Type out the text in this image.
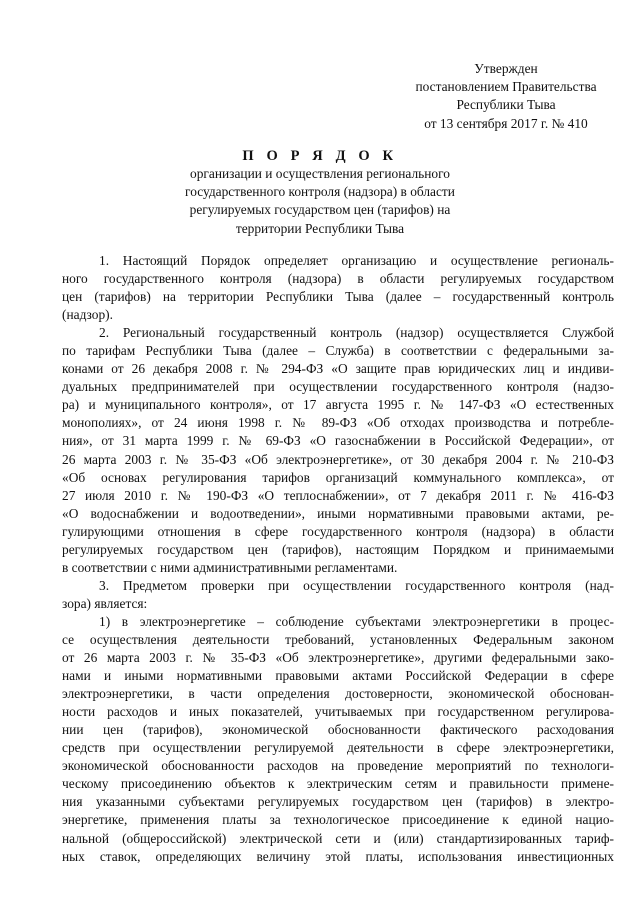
Утвержден
постановлением Правительства
Республики Тыва
от 13 сентября 2017 г. № 410
П О Р Я Д О К
организации и осуществления регионального
государственного контроля (надзора) в области
регулируемых государством цен (тарифов) на
территории Республики Тыва
1. Настоящий Порядок определяет организацию и осуществление региональ-
ного государственного контроля (надзора) в области регулируемых государством
цен (тарифов) на территории Республики Тыва (далее – государственный контроль
(надзор).
2. Региональный государственный контроль (надзор) осуществляется Службой
по тарифам Республики Тыва (далее – Служба) в соответствии с федеральными за-
конами от 26 декабря 2008 г. № 294-ФЗ «О защите прав юридических лиц и индиви-
дуальных предпринимателей при осуществлении государственного контроля (надзо-
ра) и муниципального контроля», от 17 августа 1995 г. № 147-ФЗ «О естественных
монополиях», от 24 июня 1998 г. № 89-ФЗ «Об отходах производства и потребле-
ния», от 31 марта 1999 г. № 69-ФЗ «О газоснабжении в Российской Федерации», от
26 марта 2003 г. № 35-ФЗ «Об электроэнергетике», от 30 декабря 2004 г. № 210-ФЗ
«Об основах регулирования тарифов организаций коммунального комплекса», от
27 июля 2010 г. № 190-ФЗ «О теплоснабжении», от 7 декабря 2011 г. № 416-ФЗ
«О водоснабжении и водоотведении», иными нормативными правовыми актами, ре-
гулирующими отношения в сфере государственного контроля (надзора) в области
регулируемых государством цен (тарифов), настоящим Порядком и принимаемыми
в соответствии с ними административными регламентами.
3. Предметом проверки при осуществлении государственного контроля (над-
зора) является:
1) в электроэнергетике – соблюдение субъектами электроэнергетики в процес-
се осуществления деятельности требований, установленных Федеральным законом
от 26 марта 2003 г. № 35-ФЗ «Об электроэнергетике», другими федеральными зако-
нами и иными нормативными правовыми актами Российской Федерации в сфере
электроэнергетики, в части определения достоверности, экономической обоснован-
ности расходов и иных показателей, учитываемых при государственном регулирова-
нии цен (тарифов), экономической обоснованности фактического расходования
средств при осуществлении регулируемой деятельности в сфере электроэнергетики,
экономической обоснованности расходов на проведение мероприятий по технологи-
ческому присоединению объектов к электрическим сетям и правильности примене-
ния указанными субъектами регулируемых государством цен (тарифов) в электро-
энергетике, применения платы за технологическое присоединение к единой нацио-
нальной (общероссийской) электрической сети и (или) стандартизированных тариф-
ных ставок, определяющих величину этой платы, использования инвестиционных
